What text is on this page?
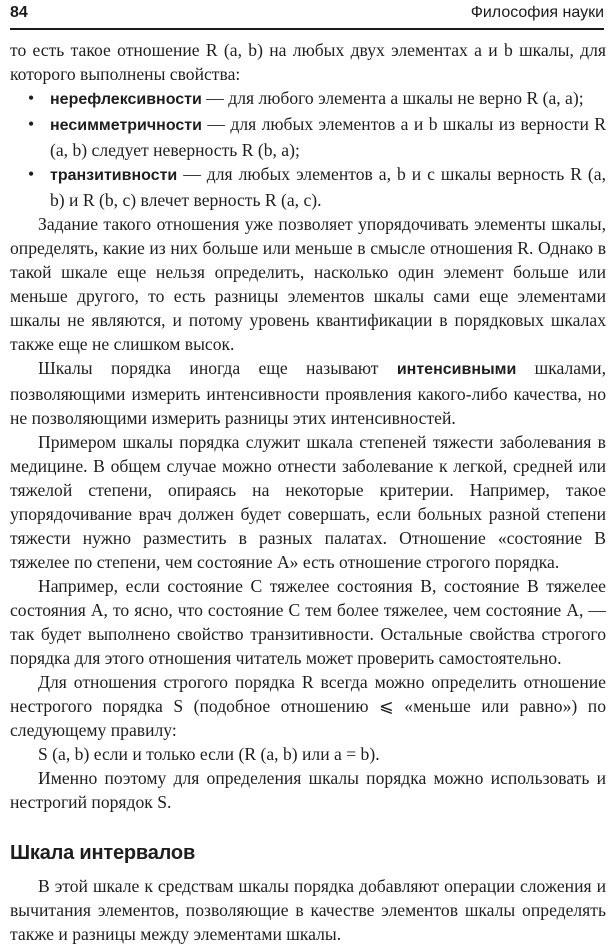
84	Философия науки

то есть такое отношение R (a, b) на любых двух элементах a и b шкалы, для которого выполнены свойства:

• нерефлексивности — для любого элемента a шкалы не верно R (a, a);
• несимметричности — для любых элементов a и b шкалы из верности R (a, b) следует неверность R (b, a);
• транзитивности — для любых элементов a, b и c шкалы верность R (a, b) и R (b, c) влечет верность R (a, c).

Задание такого отношения уже позволяет упорядочивать элементы шкалы, определять, какие из них больше или меньше в смысле отношения R. Однако в такой шкале еще нельзя определить, насколько один элемент больше или меньше другого, то есть разницы элементов шкалы сами еще элементами шкалы не являются, и потому уровень квантификации в порядковых шкалах также еще не слишком высок.

Шкалы порядка иногда еще называют интенсивными шкалами, позволяющими измерить интенсивности проявления какого-либо качества, но не позволяющими измерить разницы этих интенсивностей.

Примером шкалы порядка служит шкала степеней тяжести заболевания в медицине. В общем случае можно отнести заболевание к легкой, средней или тяжелой степени, опираясь на некоторые критерии. Например, такое упорядочивание врач должен будет совершать, если больных разной степени тяжести нужно разместить в разных палатах. Отношение «состояние B тяжелее по степени, чем состояние A» есть отношение строгого порядка.

Например, если состояние C тяжелее состояния B, состояние B тяжелее состояния A, то ясно, что состояние C тем более тяжелее, чем состояние A, — так будет выполнено свойство транзитивности. Остальные свойства строгого порядка для этого отношения читатель может проверить самостоятельно.

Для отношения строгого порядка R всегда можно определить отношение нестрогого порядка S (подобное отношению ⩽ «меньше или равно») по следующему правилу:

S (a, b) если и только если (R (a, b) или a = b).

Именно поэтому для определения шкалы порядка можно использовать и нестрогий порядок S.

Шкала интервалов

В этой шкале к средствам шкалы порядка добавляют операции сложения и вычитания элементов, позволяющие в качестве элементов шкалы определять также и разницы между элементами шкалы.
